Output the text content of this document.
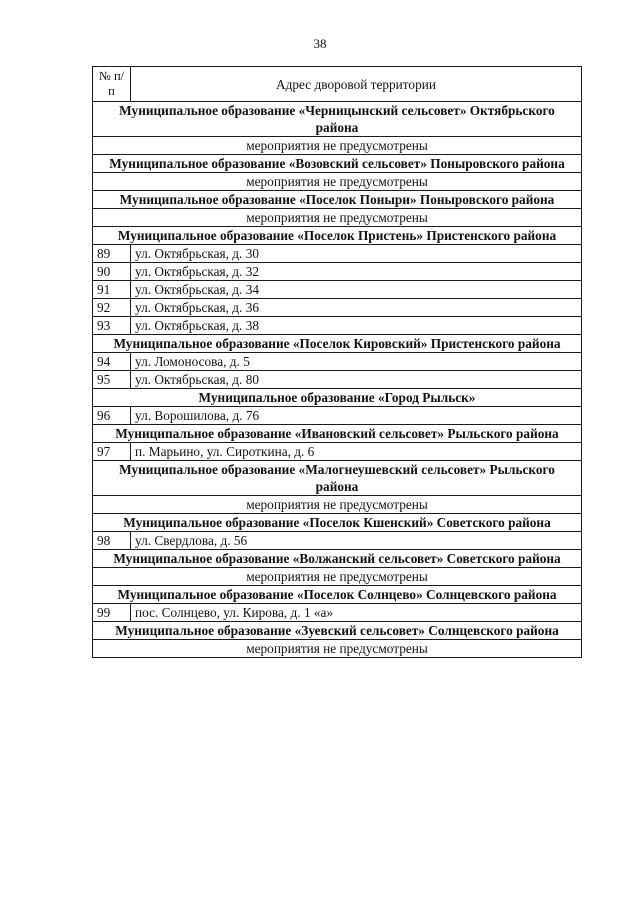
38
№ п/п	Адрес дворовой территории
Муниципальное образование «Черницынский сельсовет» Октябрьского района	
мероприятия не предусмотрены	
Муниципальное образование «Возовский сельсовет» Поныровского района	
мероприятия не предусмотрены	
Муниципальное образование «Поселок Поныри» Поныровского района	
мероприятия не предусмотрены	
Муниципальное образование «Поселок Пристень» Пристенского района	
89	ул. Октябрьская, д. 30
90	ул. Октябрьская, д. 32
91	ул. Октябрьская, д. 34
92	ул. Октябрьская, д. 36
93	ул. Октябрьская, д. 38
Муниципальное образование «Поселок Кировский» Пристенского района	
94	ул. Ломоносова, д. 5
95	ул. Октябрьская, д. 80
Муниципальное образование «Город Рыльск»	
96	ул. Ворошилова, д. 76
Муниципальное образование «Ивановский сельсовет» Рыльского района	
97	п. Марьино, ул. Сироткина, д. 6
Муниципальное образование «Малогнеушевский сельсовет» Рыльского района	
мероприятия не предусмотрены	
Муниципальное образование «Поселок Кшенский» Советского района	
98	ул. Свердлова, д. 56
Муниципальное образование «Волжанский сельсовет» Советского района	
мероприятия не предусмотрены	
Муниципальное образование «Поселок Солнцево» Солнцевского района	
99	пос. Солнцево, ул. Кирова, д. 1 «а»
Муниципальное образование «Зуевский сельсовет» Солнцевского района	
мероприятия не предусмотрены	
